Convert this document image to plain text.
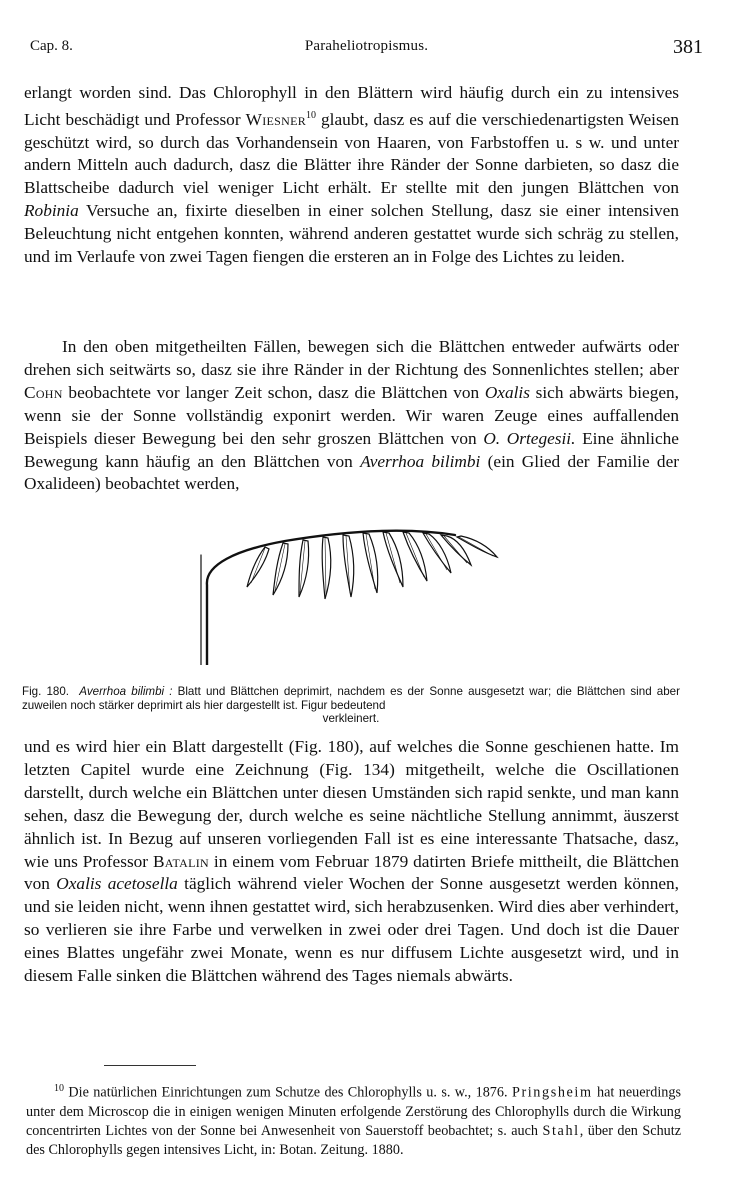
Cap. 8.	Paraheliotropismus.	381

erlangt worden sind. Das Chlorophyll in den Blättern wird häufig durch ein zu intensives Licht beschädigt und Professor Wiesner$^{10}$ glaubt, dasz es auf die verschiedenartigsten Weisen geschützt wird, so durch das Vorhandensein von Haaren, von Farbstoffen u. s w. und unter andern Mitteln auch dadurch, dasz die Blätter ihre Ränder der Sonne darbieten, so dasz die Blattscheibe dadurch viel weniger Licht erhält. Er stellte mit den jungen Blättchen von Robinia Versuche an, fixirte dieselben in einer solchen Stellung, dasz sie einer intensiven Beleuchtung nicht entgehen konnten, während anderen gestattet wurde sich schräg zu stellen, und im Verlaufe von zwei Tagen fiengen die ersteren an in Folge des Lichtes zu leiden.

In den oben mitgetheilten Fällen, bewegen sich die Blättchen entweder aufwärts oder drehen sich seitwärts so, dasz sie ihre Ränder in der Richtung des Sonnenlichtes stellen; aber Cohn beobachtete vor langer Zeit schon, dasz die Blättchen von Oxalis sich abwärts biegen, wenn sie der Sonne vollständig exponirt werden. Wir waren Zeuge eines auffallenden Beispiels dieser Bewegung bei den sehr groszen Blättchen von O. Ortegesii. Eine ähnliche Bewegung kann häufig an den Blättchen von Averrhoa bilimbi (ein Glied der Familie der Oxalideen) beobachtet werden,

Fig. 180. Averrhoa bilimbi : Blatt und Blättchen deprimirt, nachdem es der Sonne ausgesetzt war; die Blättchen sind aber zuweilen noch stärker deprimirt als hier dargestellt ist. Figur bedeutend
verkleinert.

und es wird hier ein Blatt dargestellt (Fig. 180), auf welches die Sonne geschienen hatte. Im letzten Capitel wurde eine Zeichnung (Fig. 134) mitgetheilt, welche die Oscillationen darstellt, durch welche ein Blättchen unter diesen Umständen sich rapid senkte, und man kann sehen, dasz die Bewegung der, durch welche es seine nächtliche Stellung annimmt, äuszerst ähnlich ist. In Bezug auf unseren vorliegenden Fall ist es eine interessante Thatsache, dasz, wie uns Professor Batalin in einem vom Februar 1879 datirten Briefe mittheilt, die Blättchen von Oxalis acetosella täglich während vieler Wochen der Sonne ausgesetzt werden können, und sie leiden nicht, wenn ihnen gestattet wird, sich herabzusenken. Wird dies aber verhindert, so verlieren sie ihre Farbe und verwelken in zwei oder drei Tagen. Und doch ist die Dauer eines Blattes ungefähr zwei Monate, wenn es nur diffusem Lichte ausgesetzt wird, und in diesem Falle sinken die Blättchen während des Tages niemals abwärts.

$^{10}$ Die natürlichen Einrichtungen zum Schutze des Chlorophylls u. s. w., 1876. Pringsheim hat neuerdings unter dem Microscop die in einigen wenigen Minuten erfolgende Zerstörung des Chlorophylls durch die Wirkung concentrirten Lichtes von der Sonne bei Anwesenheit von Sauerstoff beobachtet; s. auch Stahl, über den Schutz des Chlorophylls gegen intensives Licht, in: Botan. Zeitung. 1880.
